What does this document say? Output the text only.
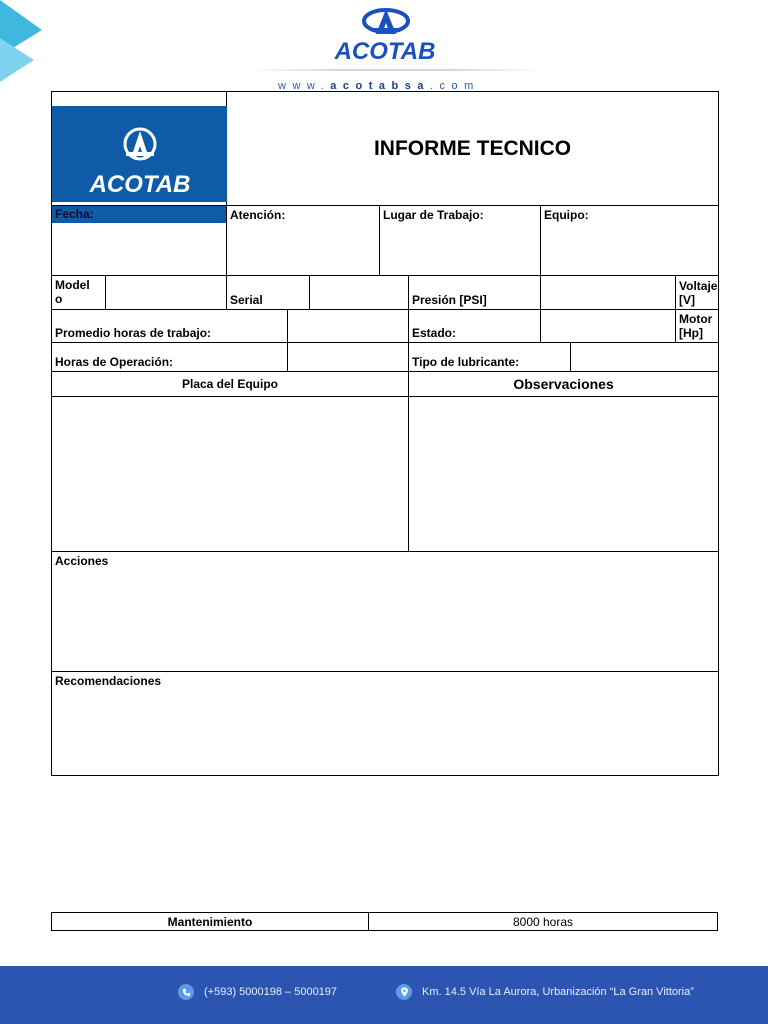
ACOTAB
www.acotabsa.com
ACOTAB		INFORME TECNICO								

Fecha:		Atención:			Lugar de Trabajo:		Equipo:			
Model
o		Serial				Presión [PSI]			Voltaje [V]	
Promedio horas de trabajo:						Estado:			Motor [Hp]	
Horas de Operación:						Tipo de lubricante:				
Placa del Equipo						Observaciones				

Acciones										
Recomendaciones										
Mantenimiento	8000 horas
(+593) 5000198 – 5000197	Km. 14.5 Vía La Aurora, Urbanización “La Gran Vittoria”
